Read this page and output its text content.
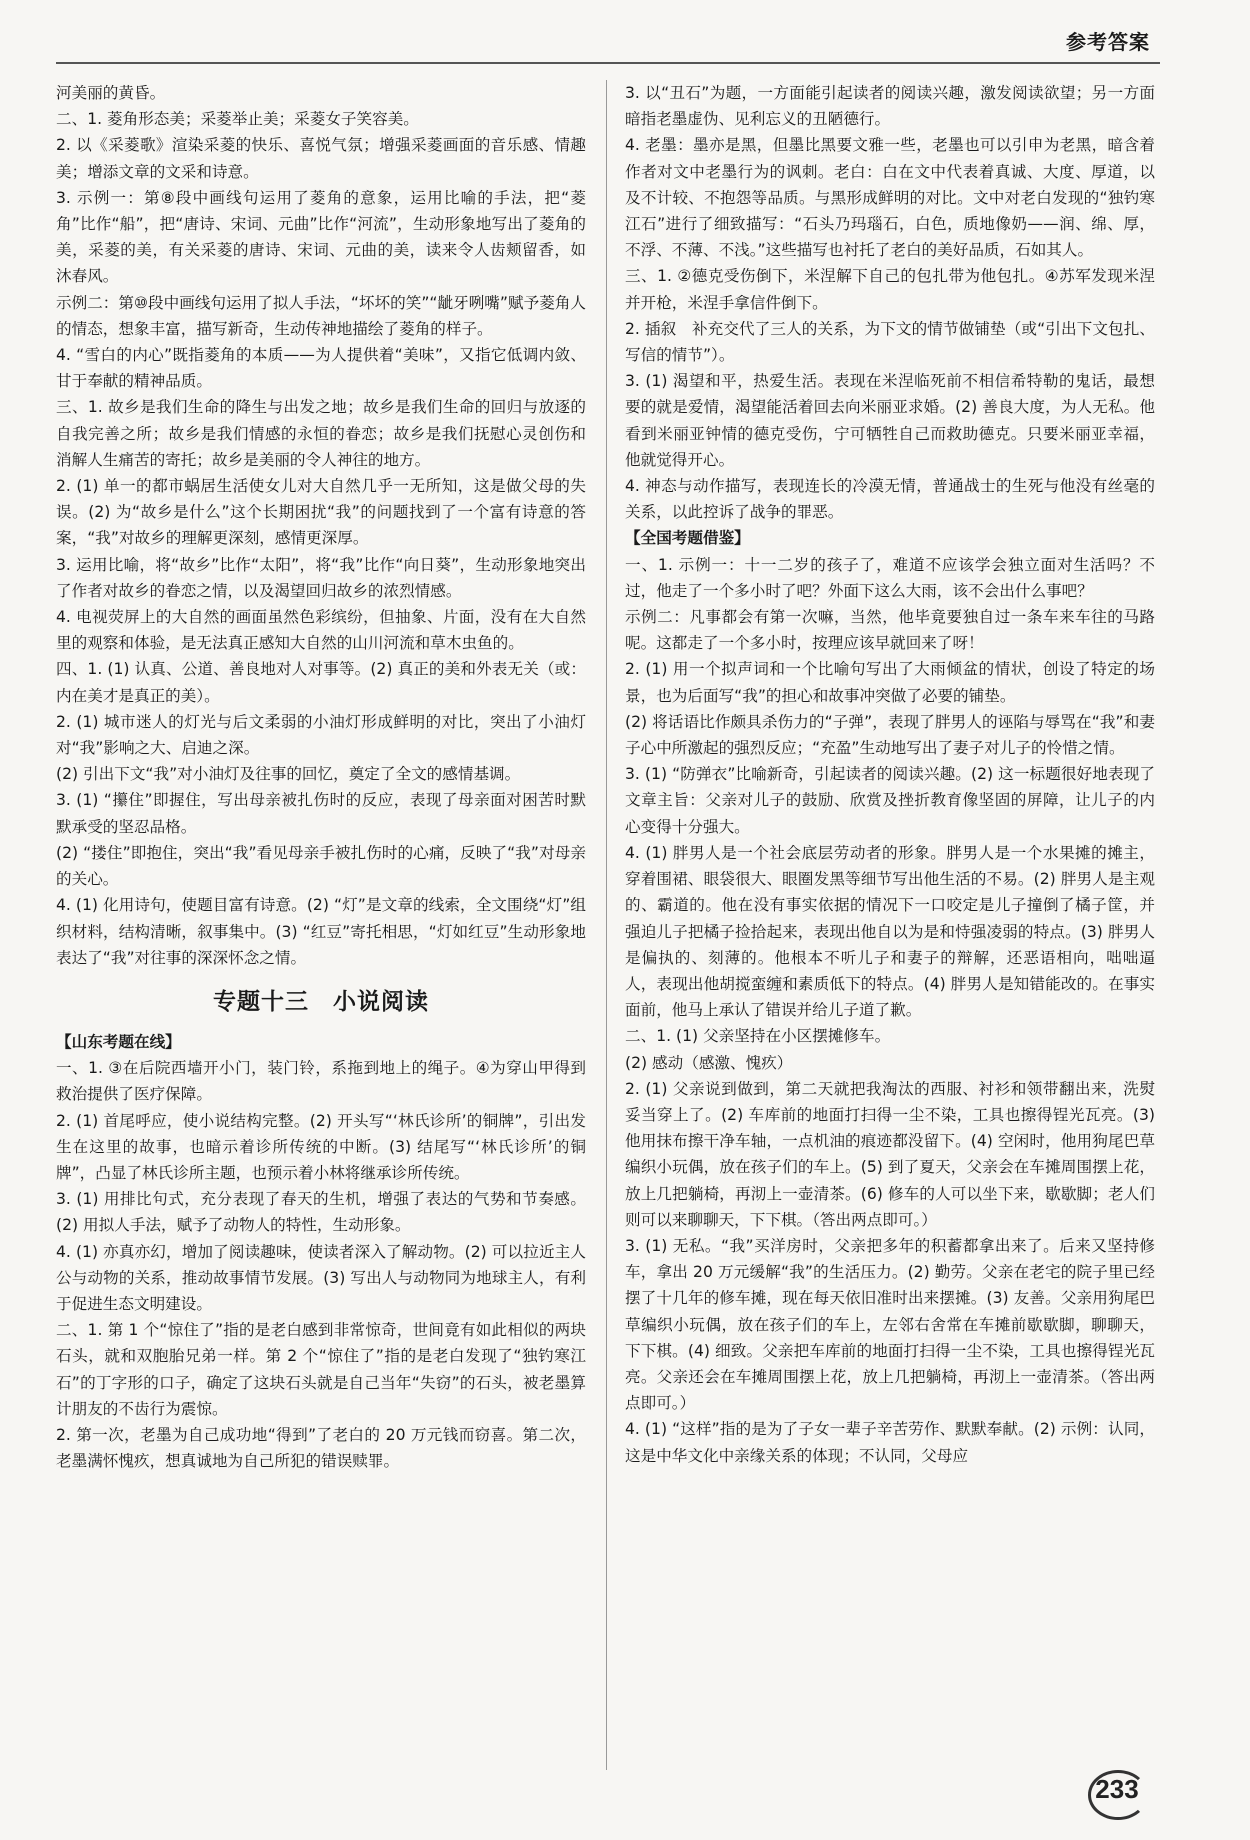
参考答案

河美丽的黄昏。

二、1. 菱角形态美；采菱举止美；采菱女子笑容美。

2. 以《采菱歌》渲染采菱的快乐、喜悦气氛；增强采菱画面的音乐感、情趣美；增添文章的文采和诗意。

3. 示例一：第⑧段中画线句运用了菱角的意象，运用比喻的手法，把“菱角”比作“船”，把“唐诗、宋词、元曲”比作“河流”，生动形象地写出了菱角的美，采菱的美，有关采菱的唐诗、宋词、元曲的美，读来令人齿颊留香，如沐春风。

示例二：第⑩段中画线句运用了拟人手法，“坏坏的笑”“龇牙咧嘴”赋予菱角人的情态，想象丰富，描写新奇，生动传神地描绘了菱角的样子。

4. “雪白的内心”既指菱角的本质——为人提供着“美味”，又指它低调内敛、甘于奉献的精神品质。

三、1. 故乡是我们生命的降生与出发之地；故乡是我们生命的回归与放逐的自我完善之所；故乡是我们情感的永恒的眷恋；故乡是我们抚慰心灵创伤和消解人生痛苦的寄托；故乡是美丽的令人神往的地方。

2. (1) 单一的都市蜗居生活使女儿对大自然几乎一无所知，这是做父母的失误。(2) 为“故乡是什么”这个长期困扰“我”的问题找到了一个富有诗意的答案，“我”对故乡的理解更深刻，感情更深厚。

3. 运用比喻，将“故乡”比作“太阳”，将“我”比作“向日葵”，生动形象地突出了作者对故乡的眷恋之情，以及渴望回归故乡的浓烈情感。

4. 电视荧屏上的大自然的画面虽然色彩缤纷，但抽象、片面，没有在大自然里的观察和体验，是无法真正感知大自然的山川河流和草木虫鱼的。

四、1. (1) 认真、公道、善良地对人对事等。(2) 真正的美和外表无关（或：内在美才是真正的美）。

2. (1) 城市迷人的灯光与后文柔弱的小油灯形成鲜明的对比，突出了小油灯对“我”影响之大、启迪之深。

(2) 引出下文“我”对小油灯及往事的回忆，奠定了全文的感情基调。

3. (1) “攥住”即握住，写出母亲被扎伤时的反应，表现了母亲面对困苦时默默承受的坚忍品格。

(2) “搂住”即抱住，突出“我”看见母亲手被扎伤时的心痛，反映了“我”对母亲的关心。

4. (1) 化用诗句，使题目富有诗意。(2) “灯”是文章的线索，全文围绕“灯”组织材料，结构清晰，叙事集中。(3) “红豆”寄托相思，“灯如红豆”生动形象地表达了“我”对往事的深深怀念之情。

专题十三　小说阅读

【山东考题在线】

一、1. ③在后院西墙开小门，装门铃，系拖到地上的绳子。④为穿山甲得到救治提供了医疗保障。

2. (1) 首尾呼应，使小说结构完整。(2) 开头写“‘林氏诊所’的铜牌”，引出发生在这里的故事，也暗示着诊所传统的中断。(3) 结尾写“‘林氏诊所’的铜牌”，凸显了林氏诊所主题，也预示着小林将继承诊所传统。

3. (1) 用排比句式，充分表现了春天的生机，增强了表达的气势和节奏感。(2) 用拟人手法，赋予了动物人的特性，生动形象。

4. (1) 亦真亦幻，增加了阅读趣味，使读者深入了解动物。(2) 可以拉近主人公与动物的关系，推动故事情节发展。(3) 写出人与动物同为地球主人，有利于促进生态文明建设。

二、1. 第 1 个“惊住了”指的是老白感到非常惊奇，世间竟有如此相似的两块石头，就和双胞胎兄弟一样。第 2 个“惊住了”指的是老白发现了“独钓寒江石”的丁字形的口子，确定了这块石头就是自己当年“失窃”的石头，被老墨算计朋友的不齿行为震惊。

2. 第一次，老墨为自己成功地“得到”了老白的 20 万元钱而窃喜。第二次，老墨满怀愧疚，想真诚地为自己所犯的错误赎罪。

3. 以“丑石”为题，一方面能引起读者的阅读兴趣，激发阅读欲望；另一方面暗指老墨虚伪、见利忘义的丑陋德行。

4. 老墨：墨亦是黑，但墨比黑要文雅一些，老墨也可以引申为老黑，暗含着作者对文中老墨行为的讽刺。老白：白在文中代表着真诚、大度、厚道，以及不计较、不抱怨等品质。与黑形成鲜明的对比。文中对老白发现的“独钓寒江石”进行了细致描写：“石头乃玛瑙石，白色，质地像奶——润、绵、厚，不浮、不薄、不浅。”这些描写也衬托了老白的美好品质，石如其人。

三、1. ②德克受伤倒下，米涅解下自己的包扎带为他包扎。④苏军发现米涅并开枪，米涅手拿信件倒下。

2. 插叙　补充交代了三人的关系，为下文的情节做铺垫（或“引出下文包扎、写信的情节”）。

3. (1) 渴望和平，热爱生活。表现在米涅临死前不相信希特勒的鬼话，最想要的就是爱情，渴望能活着回去向米丽亚求婚。(2) 善良大度，为人无私。他看到米丽亚钟情的德克受伤，宁可牺牲自己而救助德克。只要米丽亚幸福，他就觉得开心。

4. 神态与动作描写，表现连长的冷漠无情，普通战士的生死与他没有丝毫的关系，以此控诉了战争的罪恶。

【全国考题借鉴】

一、1. 示例一：十一二岁的孩子了，难道不应该学会独立面对生活吗？不过，他走了一个多小时了吧？外面下这么大雨，该不会出什么事吧？

示例二：凡事都会有第一次嘛，当然，他毕竟要独自过一条车来车往的马路呢。这都走了一个多小时，按理应该早就回来了呀！

2. (1) 用一个拟声词和一个比喻句写出了大雨倾盆的情状，创设了特定的场景，也为后面写“我”的担心和故事冲突做了必要的铺垫。

(2) 将话语比作颇具杀伤力的“子弹”，表现了胖男人的诬陷与辱骂在“我”和妻子心中所激起的强烈反应；“充盈”生动地写出了妻子对儿子的怜惜之情。

3. (1) “防弹衣”比喻新奇，引起读者的阅读兴趣。(2) 这一标题很好地表现了文章主旨：父亲对儿子的鼓励、欣赏及挫折教育像坚固的屏障，让儿子的内心变得十分强大。

4. (1) 胖男人是一个社会底层劳动者的形象。胖男人是一个水果摊的摊主，穿着围裙、眼袋很大、眼圈发黑等细节写出他生活的不易。(2) 胖男人是主观的、霸道的。他在没有事实依据的情况下一口咬定是儿子撞倒了橘子筐，并强迫儿子把橘子捡拾起来，表现出他自以为是和恃强凌弱的特点。(3) 胖男人是偏执的、刻薄的。他根本不听儿子和妻子的辩解，还恶语相向，咄咄逼人，表现出他胡搅蛮缠和素质低下的特点。(4) 胖男人是知错能改的。在事实面前，他马上承认了错误并给儿子道了歉。

二、1. (1) 父亲坚持在小区摆摊修车。

(2) 感动（感激、愧疚）

2. (1) 父亲说到做到，第二天就把我淘汰的西服、衬衫和领带翻出来，洗熨妥当穿上了。(2) 车库前的地面打扫得一尘不染，工具也擦得锃光瓦亮。(3) 他用抹布擦干净车轴，一点机油的痕迹都没留下。(4) 空闲时，他用狗尾巴草编织小玩偶，放在孩子们的车上。(5) 到了夏天，父亲会在车摊周围摆上花，放上几把躺椅，再沏上一壶清茶。(6) 修车的人可以坐下来，歇歇脚；老人们则可以来聊聊天，下下棋。（答出两点即可。）

3. (1) 无私。“我”买洋房时，父亲把多年的积蓄都拿出来了。后来又坚持修车，拿出 20 万元缓解“我”的生活压力。(2) 勤劳。父亲在老宅的院子里已经摆了十几年的修车摊，现在每天依旧准时出来摆摊。(3) 友善。父亲用狗尾巴草编织小玩偶，放在孩子们的车上，左邻右舍常在车摊前歇歇脚，聊聊天，下下棋。(4) 细致。父亲把车库前的地面打扫得一尘不染，工具也擦得锃光瓦亮。父亲还会在车摊周围摆上花，放上几把躺椅，再沏上一壶清茶。（答出两点即可。）

4. (1) “这样”指的是为了子女一辈子辛苦劳作、默默奉献。(2) 示例：认同，这是中华文化中亲缘关系的体现；不认同，父母应

233
